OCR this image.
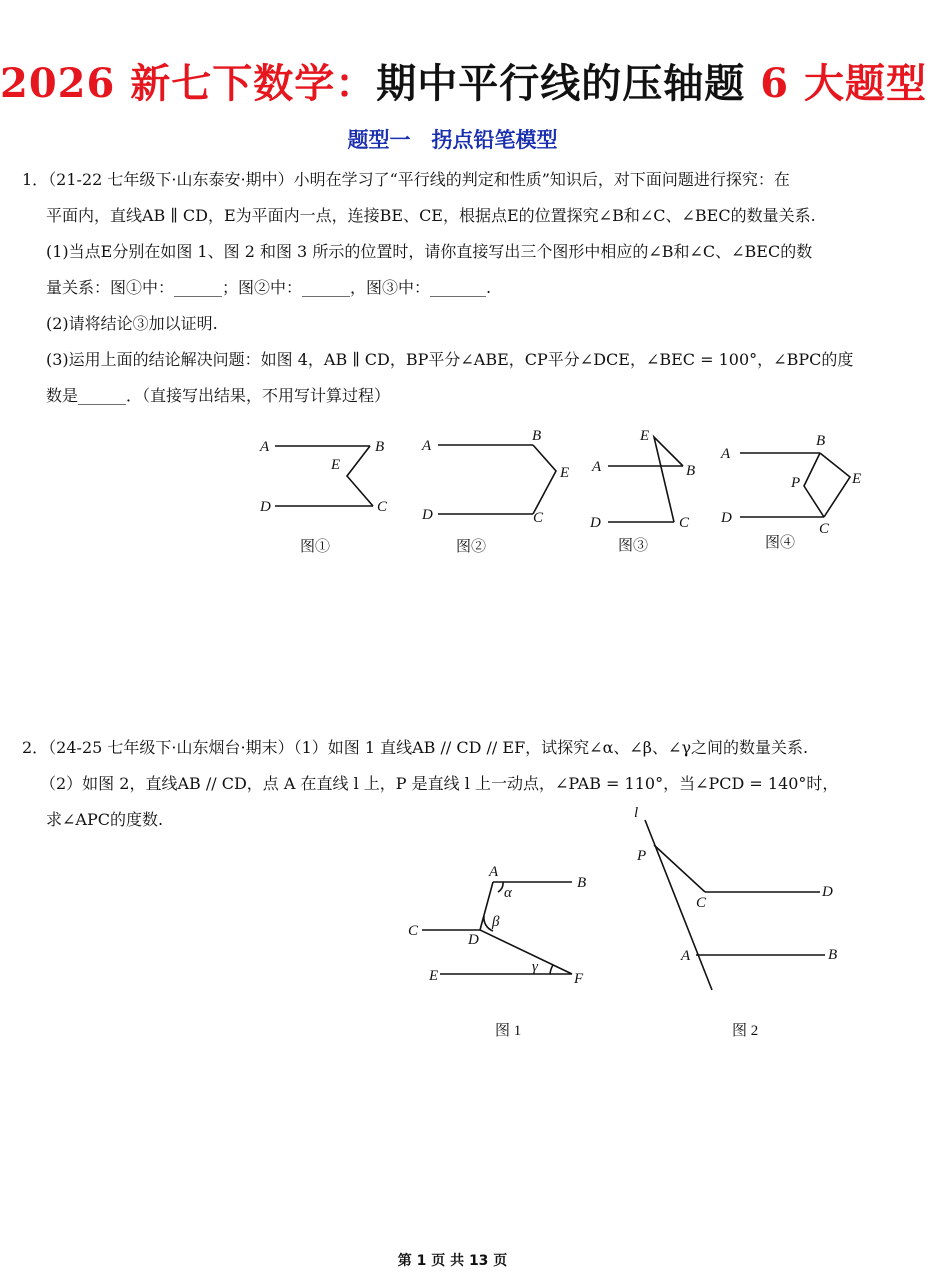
2026 新七下数学：期中平行线的压轴题 6 大题型
题型一　拐点铅笔模型
1．（21-22 七年级下·山东泰安·期中）小明在学习了“平行线的判定和性质”知识后，对下面问题进行探究：在
平面内，直线AB ∥ CD，E为平面内一点，连接BE、CE，根据点E的位置探究∠B和∠C、∠BEC的数量关系.
(1)当点E分别在如图 1、图 2 和图 3 所示的位置时，请你直接写出三个图形中相应的∠B和∠C、∠BEC的数
量关系：图①中：______；图②中：______，图③中：_______.
(2)请将结论③加以证明.
(3)运用上面的结论解决问题：如图 4，AB ∥ CD，BP平分∠ABE，CP平分∠DCE，∠BEC = 100°，∠BPC的度
数是______．（直接写出结果，不用写计算过程）
A	B
E
D	C
图①
A
B
E
D	C
图②
E
A	B
D	C
图③
A
B
P	E
D
C
图④
2．（24-25 七年级下·山东烟台·期末）（1）如图 1 直线AB // CD // EF，试探究∠α、∠β、∠γ之间的数量关系.
（2）如图 2，直线AB // CD，点 A 在直线 l 上，P 是直线 l 上一动点，∠PAB = 110°，当∠PCD = 140°时，
求∠APC的度数.
A
B
α
C
D
β
E
γ
F
图 1
l
P
C
D
A	B
图 2
第 1 页 共 13 页
